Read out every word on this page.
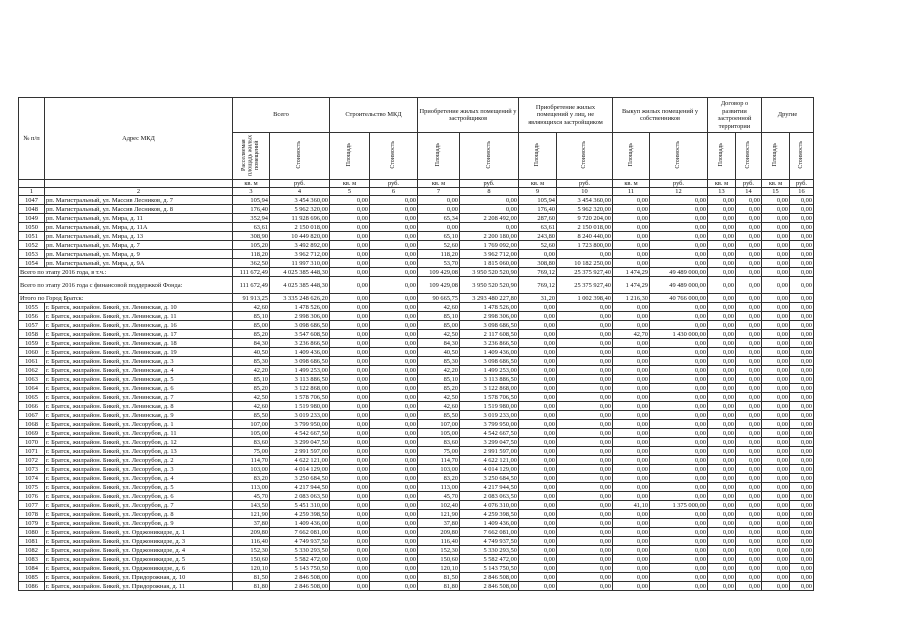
№ п/п	Адрес МКД	Всего		Строительство МКД		Приобретение жилых помещений у застройщиков		Приобретение жилых помещений у лиц, не являющихся застройщиком		Выкуп жилых помещений у собственников		Договор о развитии застроенной территории		Другие	
		Расселяемая площадь жилых помещений	Стоимость	Площадь	Стоимость	Площадь	Стоимость	Площадь	Стоимость	Площадь	Стоимость	Площадь	Стоимость	Площадь	Стоимость
		кв. м	руб.	кв. м	руб.	кв. м	руб.	кв. м	руб.	кв. м	руб.	кв. м	руб.	кв. м	руб.
1	2	3	4	5	6	7	8	9	10	11	12	13	14	15	16
1047	рп. Магистральный, ул. Массив Лесников, д. 7	105,94	3 454 360,00	0,00	0,00	0,00	0,00	105,94	3 454 360,00	0,00	0,00	0,00	0,00	0,00	0,00
1048	рп. Магистральный, ул. Массив Лесников, д. 8	176,40	5 962 320,00	0,00	0,00	0,00	0,00	176,40	5 962 320,00	0,00	0,00	0,00	0,00	0,00	0,00
1049	рп. Магистральный, ул. Мира, д. 11	352,94	11 928 696,00	0,00	0,00	65,34	2 208 492,00	287,60	9 720 204,00	0,00	0,00	0,00	0,00	0,00	0,00
1050	рп. Магистральный, ул. Мира, д. 11А	63,61	2 150 018,00	0,00	0,00	0,00	0,00	63,61	2 150 018,00	0,00	0,00	0,00	0,00	0,00	0,00
1051	рп. Магистральный, ул. Мира, д. 13	308,90	10 449 820,00	0,00	0,00	65,10	2 200 180,00	243,80	8 240 440,00	0,00	0,00	0,00	0,00	0,00	0,00
1052	рп. Магистральный, ул. Мира, д. 7	105,20	3 492 892,00	0,00	0,00	52,60	1 769 092,00	52,60	1 723 800,00	0,00	0,00	0,00	0,00	0,00	0,00
1053	рп. Магистральный, ул. Мира, д. 9	118,20	3 962 712,00	0,00	0,00	118,20	3 962 712,00	0,00	0,00	0,00	0,00	0,00	0,00	0,00	0,00
1054	рп. Магистральный, ул. Мира, д. 9А	362,50	11 997 310,00	0,00	0,00	53,70	1 815 060,00	308,80	10 182 250,00	0,00	0,00	0,00	0,00	0,00	0,00
Всего по этапу 2016 года, в т.ч.:		111 672,49	4 025 385 448,30	0,00	0,00	109 429,08	3 950 520 520,90	769,12	25 375 927,40	1 474,29	49 489 000,00	0,00	0,00	0,00	0,00
Всего по этапу 2016 года с финансовой поддержкой Фонда:		111 672,49	4 025 385 448,30	0,00	0,00	109 429,08	3 950 520 520,90	769,12	25 375 927,40	1 474,29	49 489 000,00	0,00	0,00	0,00	0,00
Итого по Город Братск:		91 913,25	3 335 248 626,20	0,00	0,00	90 665,75	3 293 480 227,80	31,20	1 002 398,40	1 216,30	40 766 000,00	0,00	0,00	0,00	0,00
1055	г. Братск, жилрайон. Бикей, ул. Ленинская, д. 10	42,60	1 478 526,00	0,00	0,00	42,60	1 478 526,00	0,00	0,00	0,00	0,00	0,00	0,00	0,00	0,00
1056	г. Братск, жилрайон. Бикей, ул. Ленинская, д. 11	85,10	2 998 306,00	0,00	0,00	85,10	2 998 306,00	0,00	0,00	0,00	0,00	0,00	0,00	0,00	0,00
1057	г. Братск, жилрайон. Бикей, ул. Ленинская, д. 16	85,00	3 098 686,50	0,00	0,00	85,00	3 098 686,50	0,00	0,00	0,00	0,00	0,00	0,00	0,00	0,00
1058	г. Братск, жилрайон. Бикей, ул. Ленинская, д. 17	85,20	3 547 608,50	0,00	0,00	42,50	2 117 608,50	0,00	0,00	42,70	1 430 000,00	0,00	0,00	0,00	0,00
1059	г. Братск, жилрайон. Бикей, ул. Ленинская, д. 18	84,30	3 236 866,50	0,00	0,00	84,30	3 236 866,50	0,00	0,00	0,00	0,00	0,00	0,00	0,00	0,00
1060	г. Братск, жилрайон. Бикей, ул. Ленинская, д. 19	40,50	1 409 436,00	0,00	0,00	40,50	1 409 436,00	0,00	0,00	0,00	0,00	0,00	0,00	0,00	0,00
1061	г. Братск, жилрайон. Бикей, ул. Ленинская, д. 3	85,30	3 098 686,50	0,00	0,00	85,30	3 098 686,50	0,00	0,00	0,00	0,00	0,00	0,00	0,00	0,00
1062	г. Братск, жилрайон. Бикей, ул. Ленинская, д. 4	42,20	1 499 253,00	0,00	0,00	42,20	1 499 253,00	0,00	0,00	0,00	0,00	0,00	0,00	0,00	0,00
1063	г. Братск, жилрайон. Бикей, ул. Ленинская, д. 5	85,10	3 113 886,50	0,00	0,00	85,10	3 113 886,50	0,00	0,00	0,00	0,00	0,00	0,00	0,00	0,00
1064	г. Братск, жилрайон. Бикей, ул. Ленинская, д. 6	85,20	3 122 868,00	0,00	0,00	85,20	3 122 868,00	0,00	0,00	0,00	0,00	0,00	0,00	0,00	0,00
1065	г. Братск, жилрайон. Бикей, ул. Ленинская, д. 7	42,50	1 578 706,50	0,00	0,00	42,50	1 578 706,50	0,00	0,00	0,00	0,00	0,00	0,00	0,00	0,00
1066	г. Братск, жилрайон. Бикей, ул. Ленинская, д. 8	42,60	1 519 980,00	0,00	0,00	42,60	1 519 980,00	0,00	0,00	0,00	0,00	0,00	0,00	0,00	0,00
1067	г. Братск, жилрайон. Бикей, ул. Ленинская, д. 9	85,50	3 019 233,00	0,00	0,00	85,50	3 019 233,00	0,00	0,00	0,00	0,00	0,00	0,00	0,00	0,00
1068	г. Братск, жилрайон. Бикей, ул. Лесорубов, д. 1	107,00	3 799 950,00	0,00	0,00	107,00	3 799 950,00	0,00	0,00	0,00	0,00	0,00	0,00	0,00	0,00
1069	г. Братск, жилрайон. Бикей, ул. Лесорубов, д. 11	105,00	4 542 667,50	0,00	0,00	105,00	4 542 667,50	0,00	0,00	0,00	0,00	0,00	0,00	0,00	0,00
1070	г. Братск, жилрайон. Бикей, ул. Лесорубов, д. 12	83,60	3 299 047,50	0,00	0,00	83,60	3 299 047,50	0,00	0,00	0,00	0,00	0,00	0,00	0,00	0,00
1071	г. Братск, жилрайон. Бикей, ул. Лесорубов, д. 13	75,00	2 991 597,00	0,00	0,00	75,00	2 991 597,00	0,00	0,00	0,00	0,00	0,00	0,00	0,00	0,00
1072	г. Братск, жилрайон. Бикей, ул. Лесорубов, д. 2	114,70	4 622 121,00	0,00	0,00	114,70	4 622 121,00	0,00	0,00	0,00	0,00	0,00	0,00	0,00	0,00
1073	г. Братск, жилрайон. Бикей, ул. Лесорубов, д. 3	103,00	4 014 129,00	0,00	0,00	103,00	4 014 129,00	0,00	0,00	0,00	0,00	0,00	0,00	0,00	0,00
1074	г. Братск, жилрайон. Бикей, ул. Лесорубов, д. 4	83,20	3 250 684,50	0,00	0,00	83,20	3 250 684,50	0,00	0,00	0,00	0,00	0,00	0,00	0,00	0,00
1075	г. Братск, жилрайон. Бикей, ул. Лесорубов, д. 5	113,00	4 217 944,50	0,00	0,00	113,00	4 217 944,50	0,00	0,00	0,00	0,00	0,00	0,00	0,00	0,00
1076	г. Братск, жилрайон. Бикей, ул. Лесорубов, д. 6	45,70	2 083 063,50	0,00	0,00	45,70	2 083 063,50	0,00	0,00	0,00	0,00	0,00	0,00	0,00	0,00
1077	г. Братск, жилрайон. Бикей, ул. Лесорубов, д. 7	143,50	5 451 310,00	0,00	0,00	102,40	4 076 310,00	0,00	0,00	41,10	1 375 000,00	0,00	0,00	0,00	0,00
1078	г. Братск, жилрайон. Бикей, ул. Лесорубов, д. 8	121,90	4 259 398,50	0,00	0,00	121,90	4 259 398,50	0,00	0,00	0,00	0,00	0,00	0,00	0,00	0,00
1079	г. Братск, жилрайон. Бикей, ул. Лесорубов, д. 9	37,80	1 409 436,00	0,00	0,00	37,80	1 409 436,00	0,00	0,00	0,00	0,00	0,00	0,00	0,00	0,00
1080	г. Братск, жилрайон. Бикей, ул. Орджоникидзе, д. 1	209,80	7 662 081,00	0,00	0,00	209,80	7 662 081,00	0,00	0,00	0,00	0,00	0,00	0,00	0,00	0,00
1081	г. Братск, жилрайон. Бикей, ул. Орджоникидзе, д. 3	116,40	4 749 937,50	0,00	0,00	116,40	4 749 937,50	0,00	0,00	0,00	0,00	0,00	0,00	0,00	0,00
1082	г. Братск, жилрайон. Бикей, ул. Орджоникидзе, д. 4	152,30	5 330 293,50	0,00	0,00	152,30	5 330 293,50	0,00	0,00	0,00	0,00	0,00	0,00	0,00	0,00
1083	г. Братск, жилрайон. Бикей, ул. Орджоникидзе, д. 5	150,60	5 582 472,00	0,00	0,00	150,60	5 582 472,00	0,00	0,00	0,00	0,00	0,00	0,00	0,00	0,00
1084	г. Братск, жилрайон. Бикей, ул. Орджоникидзе, д. 6	120,10	5 143 750,50	0,00	0,00	120,10	5 143 750,50	0,00	0,00	0,00	0,00	0,00	0,00	0,00	0,00
1085	г. Братск, жилрайон. Бикей, ул. Придорожная, д. 10	81,50	2 846 508,00	0,00	0,00	81,50	2 846 508,00	0,00	0,00	0,00	0,00	0,00	0,00	0,00	0,00
1086	г. Братск, жилрайон. Бикей, ул. Придорожная, д. 11	81,80	2 846 508,00	0,00	0,00	81,80	2 846 508,00	0,00	0,00	0,00	0,00	0,00	0,00	0,00	0,00
